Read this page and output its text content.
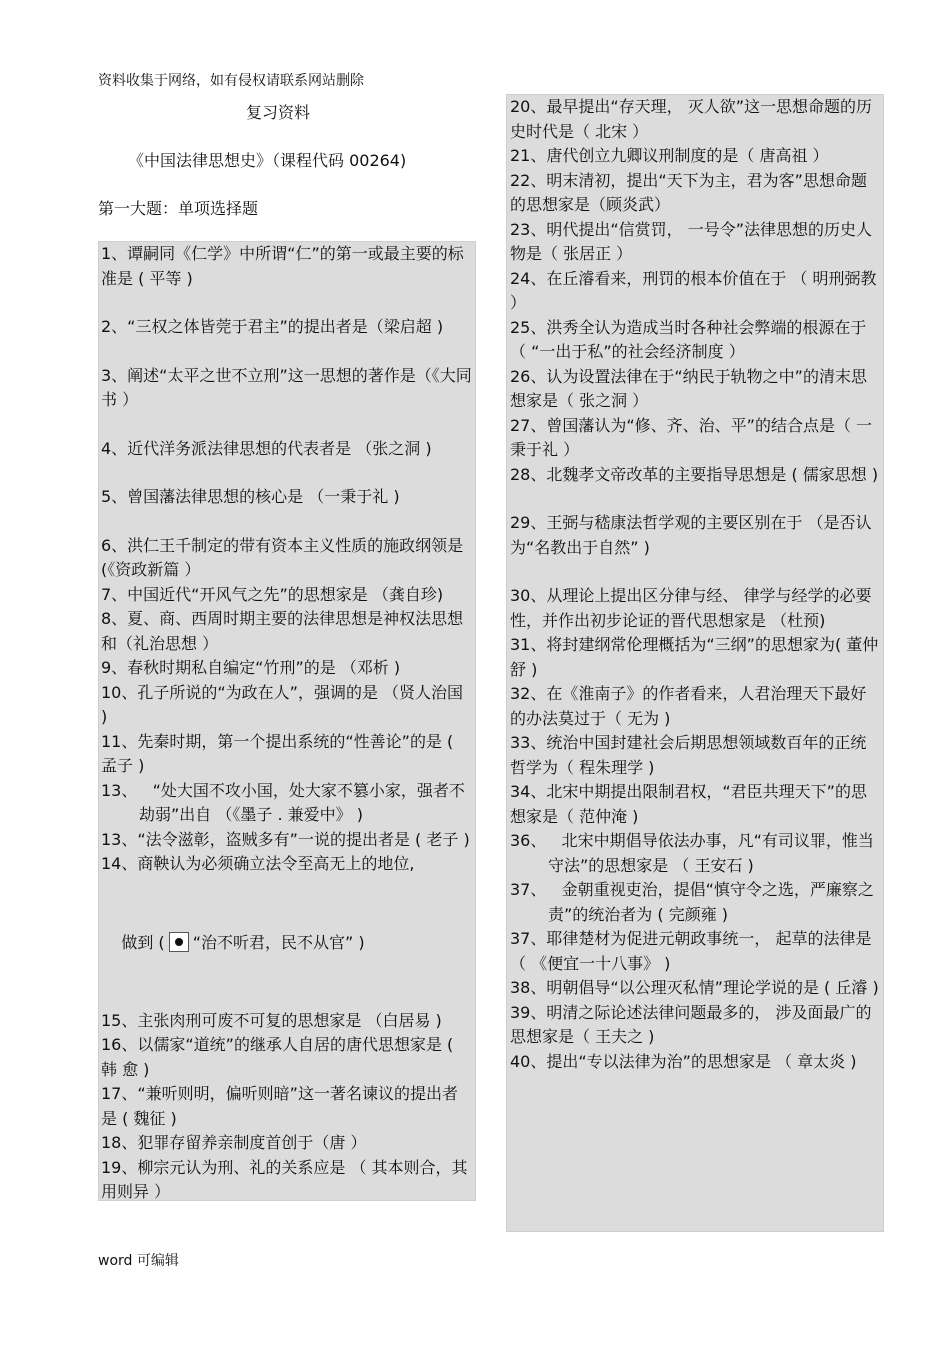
资料收集于网络，如有侵权请联系网站删除
复习资料
《中国法律思想史》（课程代码 00264)
第一大题：单项选择题

1、谭嗣同《仁学》中所谓“仁”的第一或最主要的标准是 ( 平等 )

2、“三权之体皆莞于君主”的提出者是（梁启超 )

3、阐述“太平之世不立刑”这一思想的著作是（《大同书 ）

4、近代洋务派法律思想的代表者是 （张之洞 )

5、曾国藩法律思想的核心是 （一秉于礼 )

6、洪仁王千制定的带有资本主义性质的施政纲领是 (《资政新篇 ）

7、中国近代“开风气之先”的思想家是 （龚自珍)

8、夏、商、西周时期主要的法律思想是神权法思想和（礼治思想 ）

9、春秋时期私自编定“竹刑”的是 （邓析 )

10、孔子所说的“为政在人”，强调的是 （贤人治国 )

11、先秦时期，第一个提出系统的“性善论”的是 ( 孟子 )

13、   “处大国不攻小国，处大家不篡小家，强者不劫弱”出自 （《墨子 . 兼爱中》 )

13、“法令滋彰，盗贼多有”一说的提出者是 ( 老子 )

14、商鞅认为必须确立法令至高无上的地位,

做到 ( “治不听君，民不从官” )

15、主张肉刑可废不可复的思想家是 （白居易 )

16、以儒家“道统”的继承人自居的唐代思想家是 ( 韩 愈 )

17、“兼听则明，偏听则暗”这一著名谏议的提出者是 ( 魏征 )

18、犯罪存留养亲制度首创于（唐 ）

19、柳宗元认为刑、礼的关系应是 （ 其本则合，其用则异 ）

20、最早提出“存天理， 灭人欲”这一思想命题的历史时代是（ 北宋 ）

21、唐代创立九卿议刑制度的是（ 唐高祖 ）

22、明末清初，提出“天下为主，君为客”思想命题的思想家是（顾炎武）

23、明代提出“信赏罚， 一号令”法律思想的历史人物是（ 张居正 ）

24、在丘濬看来，刑罚的根本价值在于 （ 明刑弼教 ）

25、洪秀全认为造成当时各种社会弊端的根源在于（ “一出于私”的社会经济制度 ）

26、认为设置法律在于“纳民于轨物之中”的清末思想家是（ 张之洞 ）

27、曾国藩认为“修、齐、治、平”的结合点是（ 一秉于礼 ）

28、北魏孝文帝改革的主要指导思想是 ( 儒家思想 )

29、王弼与嵇康法哲学观的主要区别在于 （是否认为“名教出于自然” )

30、从理论上提出区分律与经、 律学与经学的必要性，并作出初步论证的晋代思想家是 （杜预)

31、将封建纲常伦理概括为“三纲”的思想家为( 董仲舒 )

32、在《淮南子》的作者看来，人君治理天下最好的办法莫过于（ 无为 )

33、统治中国封建社会后期思想领域数百年的正统哲学为（ 程朱理学 )

34、北宋中期提出限制君权，“君臣共理天下”的思想家是（ 范仲淹 )

36、   北宋中期倡导依法办事，凡“有司议罪，惟当守法”的思想家是 （ 王安石 )

37、   金朝重视吏治，提倡“慎守令之选，严廉察之责”的统治者为 ( 完颜雍 )

37、耶律楚材为促进元朝政事统一， 起草的法律是（ 《便宜一十八事》 )

38、明朝倡导“以公理灭私情”理论学说的是 ( 丘濬 )

39、明清之际论述法律问题最多的， 涉及面最广的思想家是（ 王夫之 )

40、提出“专以法律为治”的思想家是 （ 章太炎 )

word 可编辑
